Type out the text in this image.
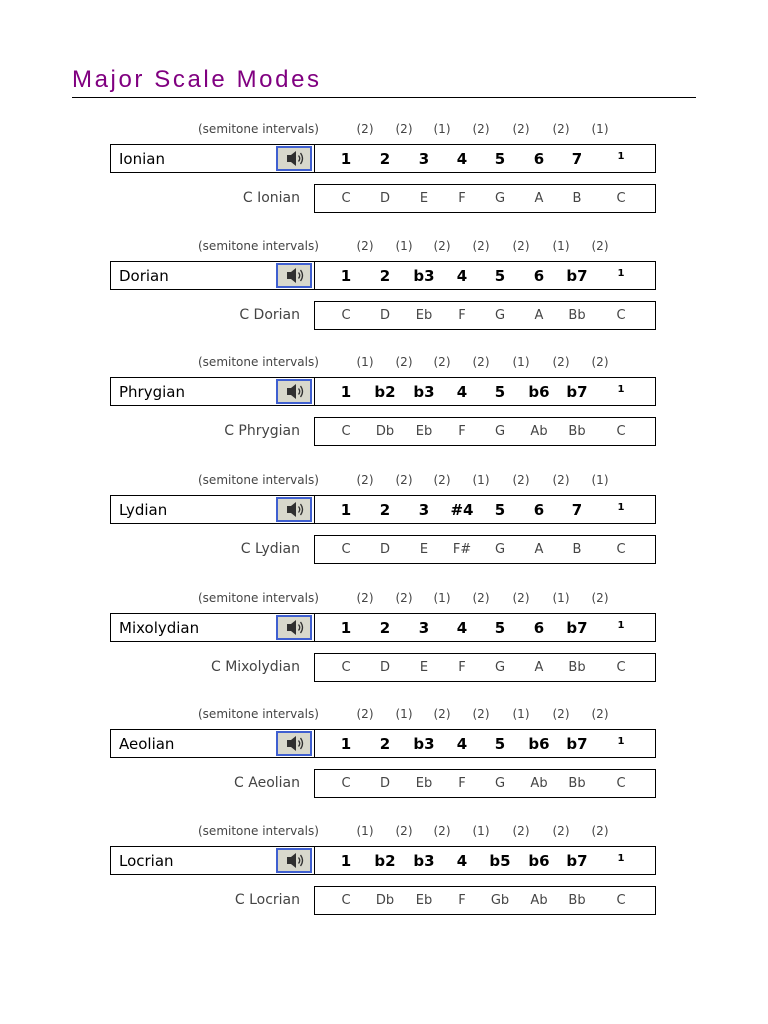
Major Scale Modes
(semitone intervals)	(2)	(2)	(1)	(2)	(2)	(2)	(1)
Ionian	1	2	3	4	5	6	7	1
C Ionian	C	D	E	F	G	A	B	C
(semitone intervals)	(2)	(1)	(2)	(2)	(2)	(1)	(2)
Dorian	1	2	b3	4	5	6	b7	1
C Dorian	C	D	Eb	F	G	A	Bb	C
(semitone intervals)	(1)	(2)	(2)	(2)	(1)	(2)	(2)
Phrygian	1	b2	b3	4	5	b6	b7	1
C Phrygian	C	Db	Eb	F	G	Ab	Bb	C
(semitone intervals)	(2)	(2)	(2)	(1)	(2)	(2)	(1)
Lydian	1	2	3	#4	5	6	7	1
C Lydian	C	D	E	F#	G	A	B	C
(semitone intervals)	(2)	(2)	(1)	(2)	(2)	(1)	(2)
Mixolydian	1	2	3	4	5	6	b7	1
C Mixolydian	C	D	E	F	G	A	Bb	C
(semitone intervals)	(2)	(1)	(2)	(2)	(1)	(2)	(2)
Aeolian	1	2	b3	4	5	b6	b7	1
C Aeolian	C	D	Eb	F	G	Ab	Bb	C
(semitone intervals)	(1)	(2)	(2)	(1)	(2)	(2)	(2)
Locrian	1	b2	b3	4	b5	b6	b7	1
C Locrian	C	Db	Eb	F	Gb	Ab	Bb	C
